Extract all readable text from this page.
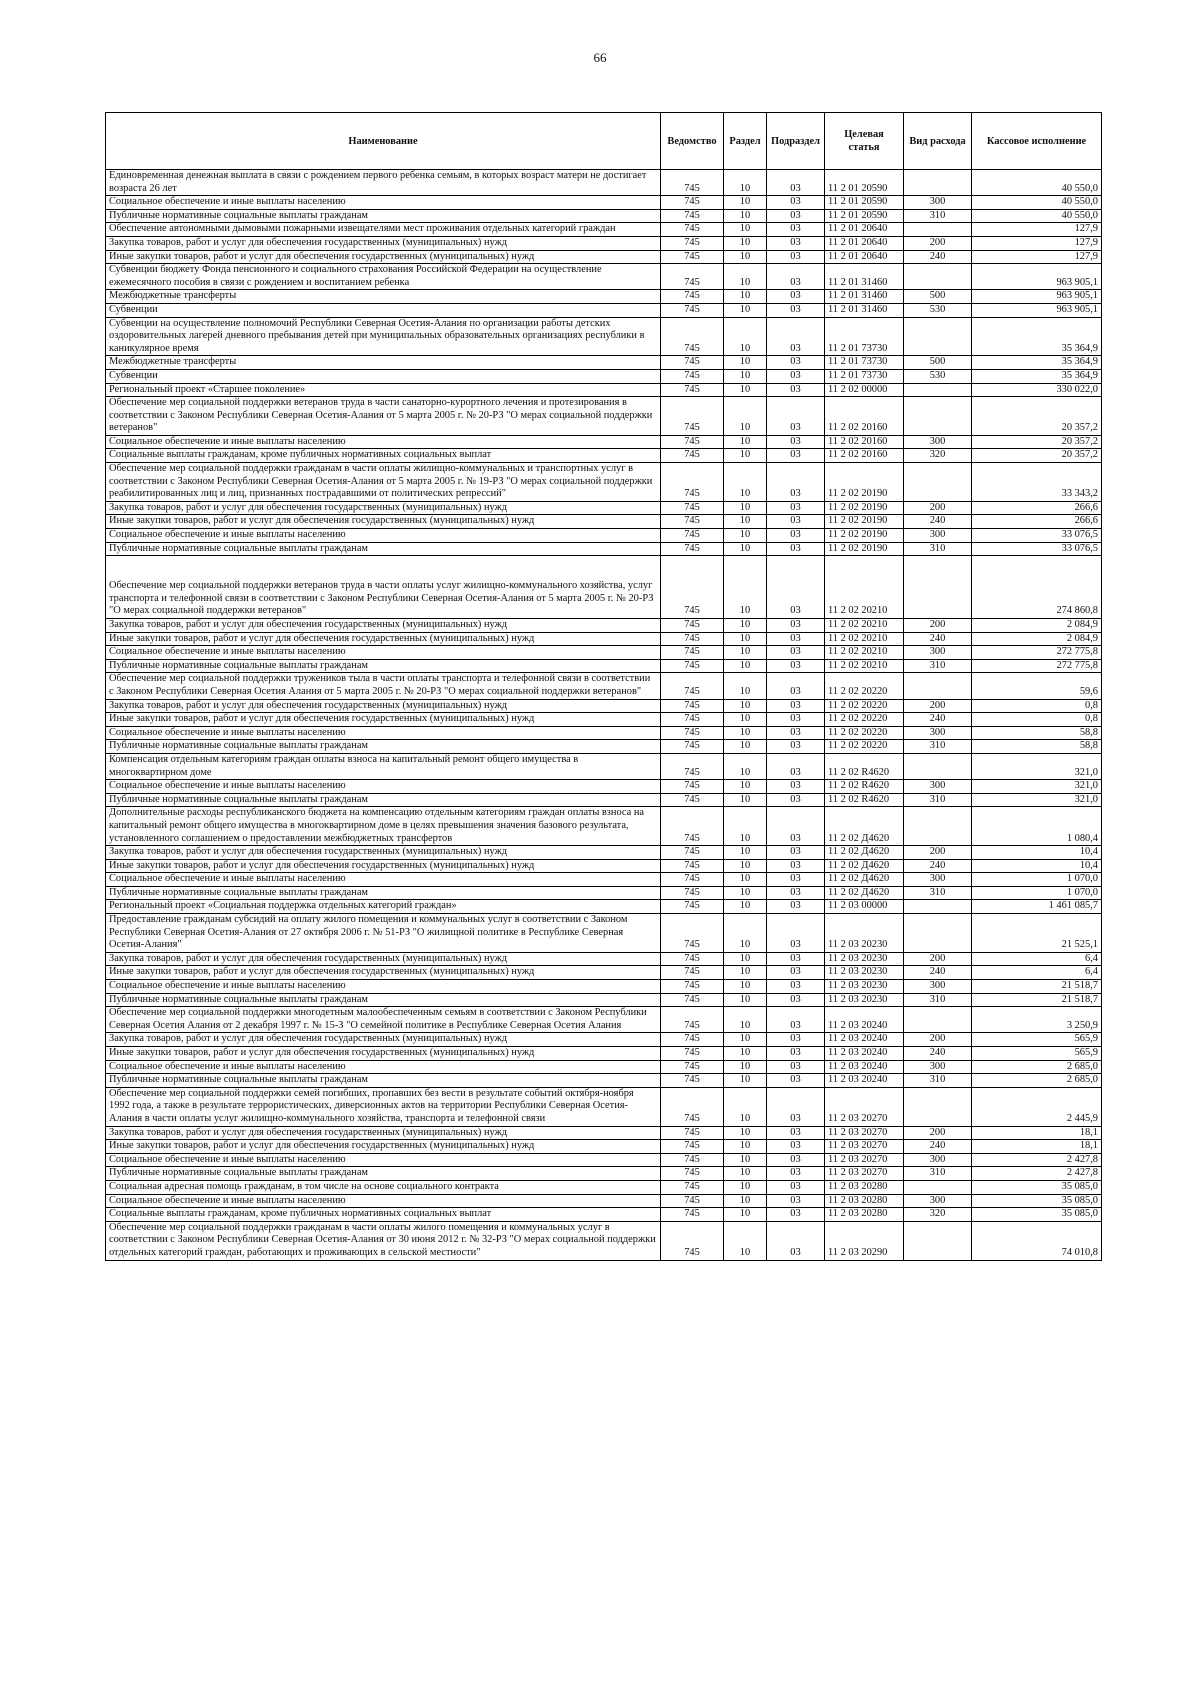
66
Наименование	Ведомство	Раздел	Подраздел	Целевая статья	Вид расхода	Кассовое исполнение
Единовременная денежная выплата в связи с рождением первого ребенка семьям, в которых возраст матери не достигает возраста 26 лет	745	10	03	11 2 01 20590		40 550,0
Социальное обеспечение и иные выплаты населению	745	10	03	11 2 01 20590	300	40 550,0
Публичные нормативные социальные выплаты гражданам	745	10	03	11 2 01 20590	310	40 550,0
Обеспечение автономными дымовыми пожарными извещателями мест проживания отдельных категорий граждан	745	10	03	11 2 01 20640		127,9
Закупка товаров, работ и услуг для обеспечения государственных (муниципальных) нужд	745	10	03	11 2 01 20640	200	127,9
Иные закупки товаров, работ и услуг для обеспечения государственных (муниципальных) нужд	745	10	03	11 2 01 20640	240	127,9
Субвенции бюджету Фонда пенсионного и социального страхования Российской Федерации на осуществление ежемесячного пособия в связи с рождением и воспитанием ребенка	745	10	03	11 2 01 31460		963 905,1
Межбюджетные трансферты	745	10	03	11 2 01 31460	500	963 905,1
Субвенции	745	10	03	11 2 01 31460	530	963 905,1
Субвенции на осуществление полномочий Республики Северная Осетия-Алания по организации работы детских оздоровительных лагерей дневного пребывания детей при муниципальных образовательных организациях республики в каникулярное время	745	10	03	11 2 01 73730		35 364,9
Межбюджетные трансферты	745	10	03	11 2 01 73730	500	35 364,9
Субвенции	745	10	03	11 2 01 73730	530	35 364,9
Региональный проект «Старшее поколение»	745	10	03	11 2 02 00000		330 022,0
Обеспечение мер социальной поддержки ветеранов труда в части санаторно-курортного лечения и протезирования в соответствии с Законом Республики Северная Осетия-Алания от 5 марта 2005 г. № 20-РЗ "О мерах социальной поддержки ветеранов"	745	10	03	11 2 02 20160		20 357,2
Социальное обеспечение и иные выплаты населению	745	10	03	11 2 02 20160	300	20 357,2
Социальные выплаты гражданам, кроме публичных нормативных социальных выплат	745	10	03	11 2 02 20160	320	20 357,2
Обеспечение мер социальной поддержки гражданам в части оплаты жилищно-коммунальных и транспортных услуг в соответствии с Законом Республики Северная Осетия-Алания от 5 марта 2005 г. № 19-РЗ "О мерах социальной поддержки реабилитированных лиц и лиц, признанных пострадавшими от политических репрессий"	745	10	03	11 2 02 20190		33 343,2
Закупка товаров, работ и услуг для обеспечения государственных (муниципальных) нужд	745	10	03	11 2 02 20190	200	266,6
Иные закупки товаров, работ и услуг для обеспечения государственных (муниципальных) нужд	745	10	03	11 2 02 20190	240	266,6
Социальное обеспечение и иные выплаты населению	745	10	03	11 2 02 20190	300	33 076,5
Публичные нормативные социальные выплаты гражданам	745	10	03	11 2 02 20190	310	33 076,5

Обеспечение мер социальной поддержки ветеранов труда в части оплаты услуг жилищно-коммунального хозяйства, услуг транспорта и телефонной связи в соответствии с Законом Республики Северная Осетия-Алания от 5 марта 2005 г. № 20-РЗ "О мерах социальной поддержки ветеранов"	745	10	03	11 2 02 20210		274 860,8
Закупка товаров, работ и услуг для обеспечения государственных (муниципальных) нужд	745	10	03	11 2 02 20210	200	2 084,9
Иные закупки товаров, работ и услуг для обеспечения государственных (муниципальных) нужд	745	10	03	11 2 02 20210	240	2 084,9
Социальное обеспечение и иные выплаты населению	745	10	03	11 2 02 20210	300	272 775,8
Публичные нормативные социальные выплаты гражданам	745	10	03	11 2 02 20210	310	272 775,8
Обеспечение мер социальной поддержки тружеников тыла в части оплаты транспорта и телефонной связи в соответствии с Законом Республики Северная Осетия Алания от 5 марта 2005 г. № 20-РЗ "О мерах социальной поддержки ветеранов"	745	10	03	11 2 02 20220		59,6
Закупка товаров, работ и услуг для обеспечения государственных (муниципальных) нужд	745	10	03	11 2 02 20220	200	0,8
Иные закупки товаров, работ и услуг для обеспечения государственных (муниципальных) нужд	745	10	03	11 2 02 20220	240	0,8
Социальное обеспечение и иные выплаты населению	745	10	03	11 2 02 20220	300	58,8
Публичные нормативные социальные выплаты гражданам	745	10	03	11 2 02 20220	310	58,8
Компенсация отдельным категориям граждан оплаты взноса на капитальный ремонт общего имущества в многоквартирном доме	745	10	03	11 2 02 R4620		321,0
Социальное обеспечение и иные выплаты населению	745	10	03	11 2 02 R4620	300	321,0
Публичные нормативные социальные выплаты гражданам	745	10	03	11 2 02 R4620	310	321,0
Дополнительные расходы республиканского бюджета на компенсацию отдельным категориям граждан оплаты взноса на капитальный ремонт общего имущества в многоквартирном доме в целях превышения значения базового результата, установленного соглашением о предоставлении межбюджетных трансфертов	745	10	03	11 2 02 Д4620		1 080,4
Закупка товаров, работ и услуг для обеспечения государственных (муниципальных) нужд	745	10	03	11 2 02 Д4620	200	10,4
Иные закупки товаров, работ и услуг для обеспечения государственных (муниципальных) нужд	745	10	03	11 2 02 Д4620	240	10,4
Социальное обеспечение и иные выплаты населению	745	10	03	11 2 02 Д4620	300	1 070,0
Публичные нормативные социальные выплаты гражданам	745	10	03	11 2 02 Д4620	310	1 070,0
Региональный проект «Социальная поддержка отдельных категорий граждан»	745	10	03	11 2 03 00000		1 461 085,7
Предоставление гражданам субсидий на оплату жилого помещения и коммунальных услуг в соответствии с Законом Республики Северная Осетия-Алания от 27 октября 2006 г. № 51-РЗ "О жилищной политике в Республике Северная Осетия-Алания"	745	10	03	11 2 03 20230		21 525,1
Закупка товаров, работ и услуг для обеспечения государственных (муниципальных) нужд	745	10	03	11 2 03 20230	200	6,4
Иные закупки товаров, работ и услуг для обеспечения государственных (муниципальных) нужд	745	10	03	11 2 03 20230	240	6,4
Социальное обеспечение и иные выплаты населению	745	10	03	11 2 03 20230	300	21 518,7
Публичные нормативные социальные выплаты гражданам	745	10	03	11 2 03 20230	310	21 518,7
Обеспечение мер социальной поддержки многодетным малообеспеченным семьям в соответствии с Законом Республики Северная Осетия Алания от 2 декабря 1997 г. № 15-З "О семейной политике в Республике Северная Осетия Алания	745	10	03	11 2 03 20240		3 250,9
Закупка товаров, работ и услуг для обеспечения государственных (муниципальных) нужд	745	10	03	11 2 03 20240	200	565,9
Иные закупки товаров, работ и услуг для обеспечения государственных (муниципальных) нужд	745	10	03	11 2 03 20240	240	565,9
Социальное обеспечение и иные выплаты населению	745	10	03	11 2 03 20240	300	2 685,0
Публичные нормативные социальные выплаты гражданам	745	10	03	11 2 03 20240	310	2 685,0
Обеспечение мер социальной поддержки семей погибших, пропавших без вести в результате событий октября-ноября 1992 года, а также в результате террористических, диверсионных актов на территории Республики Северная Осетия-Алания в части оплаты услуг жилищно-коммунального хозяйства, транспорта и телефонной связи	745	10	03	11 2 03 20270		2 445,9
Закупка товаров, работ и услуг для обеспечения государственных (муниципальных) нужд	745	10	03	11 2 03 20270	200	18,1
Иные закупки товаров, работ и услуг для обеспечения государственных (муниципальных) нужд	745	10	03	11 2 03 20270	240	18,1
Социальное обеспечение и иные выплаты населению	745	10	03	11 2 03 20270	300	2 427,8
Публичные нормативные социальные выплаты гражданам	745	10	03	11 2 03 20270	310	2 427,8
Социальная адресная помощь гражданам, в том числе на основе социального контракта	745	10	03	11 2 03 20280		35 085,0
Социальное обеспечение и иные выплаты населению	745	10	03	11 2 03 20280	300	35 085,0
Социальные выплаты гражданам, кроме публичных нормативных социальных выплат	745	10	03	11 2 03 20280	320	35 085,0
Обеспечение мер социальной поддержки гражданам в части оплаты жилого помещения и коммунальных услуг в соответствии с Законом Республики Северная Осетия-Алания от 30 июня 2012 г. № 32-РЗ "О мерах социальной поддержки отдельных категорий граждан, работающих и проживающих в сельской местности"	745	10	03	11 2 03 20290		74 010,8
